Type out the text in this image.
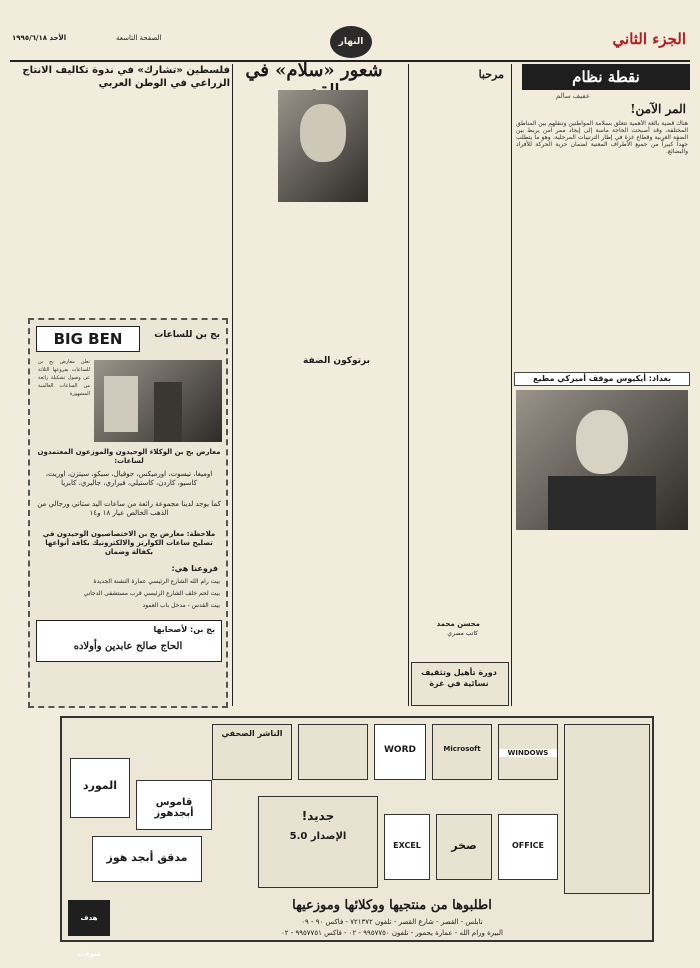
الجزء الثاني
النهار
الصفحة التاسعة
الأحد ١٩٩٥/٦/١٨
نقطة نظام
عفيف سالم
المر الآمن!
هناك قضية بالغة الأهمية تتعلق بسلامة المواطنين وتنقلهم بين المناطق المختلفة، وقد أصبحت الحاجة ماسة إلى إيجاد ممر آمن يربط بين الضفة الغربية وقطاع غزة في إطار الترتيبات المرحلية، وهو ما يتطلب جهداً كبيراً من جميع الأطراف المعنية لضمان حرية الحركة للأفراد والبضائع.
بغداد: أيكيوس موقف أميركي مطيع
مرحبا
محسن محمد
كاتب مصري
شعور «سلام» في
برتوكون الضفة
دورة تأهيل وتثقيف نسائية في غزة
فلسطين «تشارك» في ندوة تكاليف الانتاج الزراعي في الوطن العربي
BIG BEN	بج بن للساعات
تعلن معارض بج بن للساعات بفروعها الثلاثة عن وصول تشكيلة رائعة من الساعات العالمية المشهورة
معارض بج بن الوكلاء الوحيدون والموزعون المعتمدون لساعات:
اوميغا، تيسوت، اورميكس، جوفيال، سيكو، سيتزن، اوريت، كاسيو، كاردن، كاستيلي، فيراري، جاليري، كابريا
كما يوجد لدينا مجموعة رائعة من ساعات اليد ستاني ورجالي من الذهب الخالص عيار ١٨ و١٤
ملاحظة: معارض بج بن الاختصاصيون الوحيدون في تصليح ساعات الكوارتز والالكترونيك بكافة أنواعها بكفالة وضمان
فروعنا هي:
بيت رام الله الشارع الرئيسي عمارة النشنة الجديدة
بيت لحم خلف الشارع الرئيسي قرب مستشفى الدجاني
بيت القدس - مدخل باب العمود
بج بن: لأصحابها
الحاج صالح عابدين وأولاده
الناشر الصحفي
WORD	Microsoft	WINDOWS
المورد
قاموس أبجدهوز
مدقق أبجد هوز
جديد!
الإصدار 5.0
EXCEL	صخر	OFFICE
هدف سوفت
اطلبوها من منتجيها ووكلائها وموزعيها
نابلس - القصر - شارع القصر - تلفون ٧٢١٣٧٢ - فاكس ٩٠ - ٠٩
البيرة ورام الله - عمارة يحمور - تلفون ٩٩٥٧٧٥٠ - ٠٢ - فاكس ٩٩٥٧٧٥١ - ٠٢
